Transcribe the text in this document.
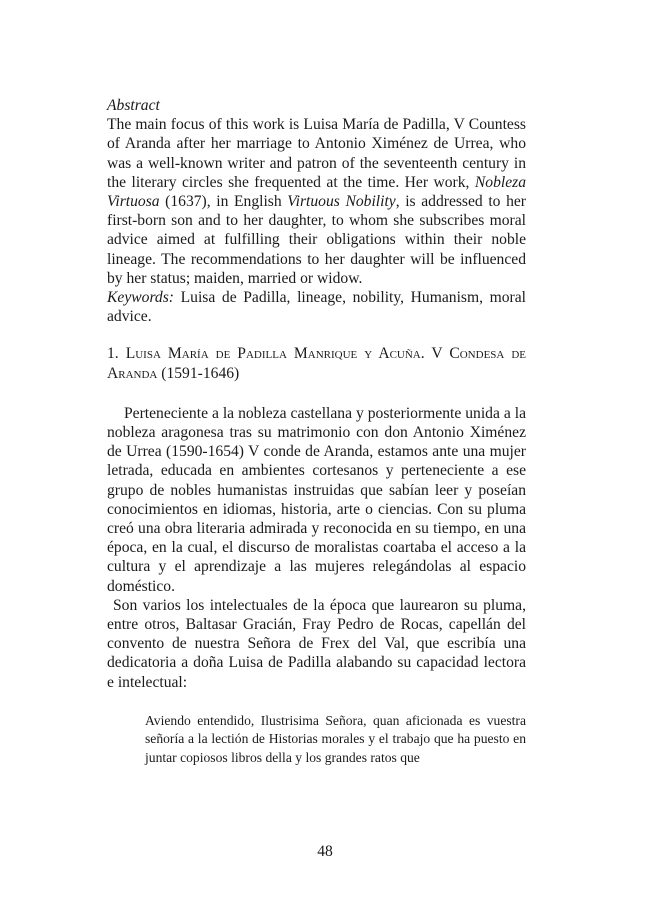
Abstract

The main focus of this work is Luisa María de Padilla, V Countess of Aranda after her marriage to Antonio Ximénez de Urrea, who was a well-known writer and patron of the seventeenth century in the literary circles she frequented at the time. Her work, Nobleza Virtuosa (1637), in English Virtuous Nobility, is addressed to her first-born son and to her daughter, to whom she subscribes moral advice aimed at fulfilling their obligations within their noble lineage. The recommendations to her daughter will be influenced by her status; maiden, married or widow.

Keywords: Luisa de Padilla, lineage, nobility, Humanism, moral advice.

1. Luisa María de Padilla Manrique y Acuña. V Condesa de Aranda (1591-1646)

Perteneciente a la nobleza castellana y posteriormente unida a la nobleza aragonesa tras su matrimonio con don Antonio Ximénez de Urrea (1590-1654) V conde de Aranda, estamos ante una mujer letrada, educada en ambientes cortesanos y perteneciente a ese grupo de nobles humanistas instruidas que sabían leer y poseían conocimientos en idiomas, historia, arte o ciencias. Con su pluma creó una obra literaria admirada y reconocida en su tiempo, en una época, en la cual, el discurso de moralistas coartaba el acceso a la cultura y el aprendizaje a las mujeres relegándolas al espacio doméstico.

Son varios los intelectuales de la época que laurearon su pluma, entre otros, Baltasar Gracián, Fray Pedro de Rocas, capellán del convento de nuestra Señora de Frex del Val, que escribía una dedicatoria a doña Luisa de Padilla alabando su capacidad lectora e intelectual:

Aviendo entendido, Ilustrisima Señora, quan aficionada es vuestra señoría a la lectión de Historias morales y el trabajo que ha puesto en juntar copiosos libros della y los grandes ratos que
48
